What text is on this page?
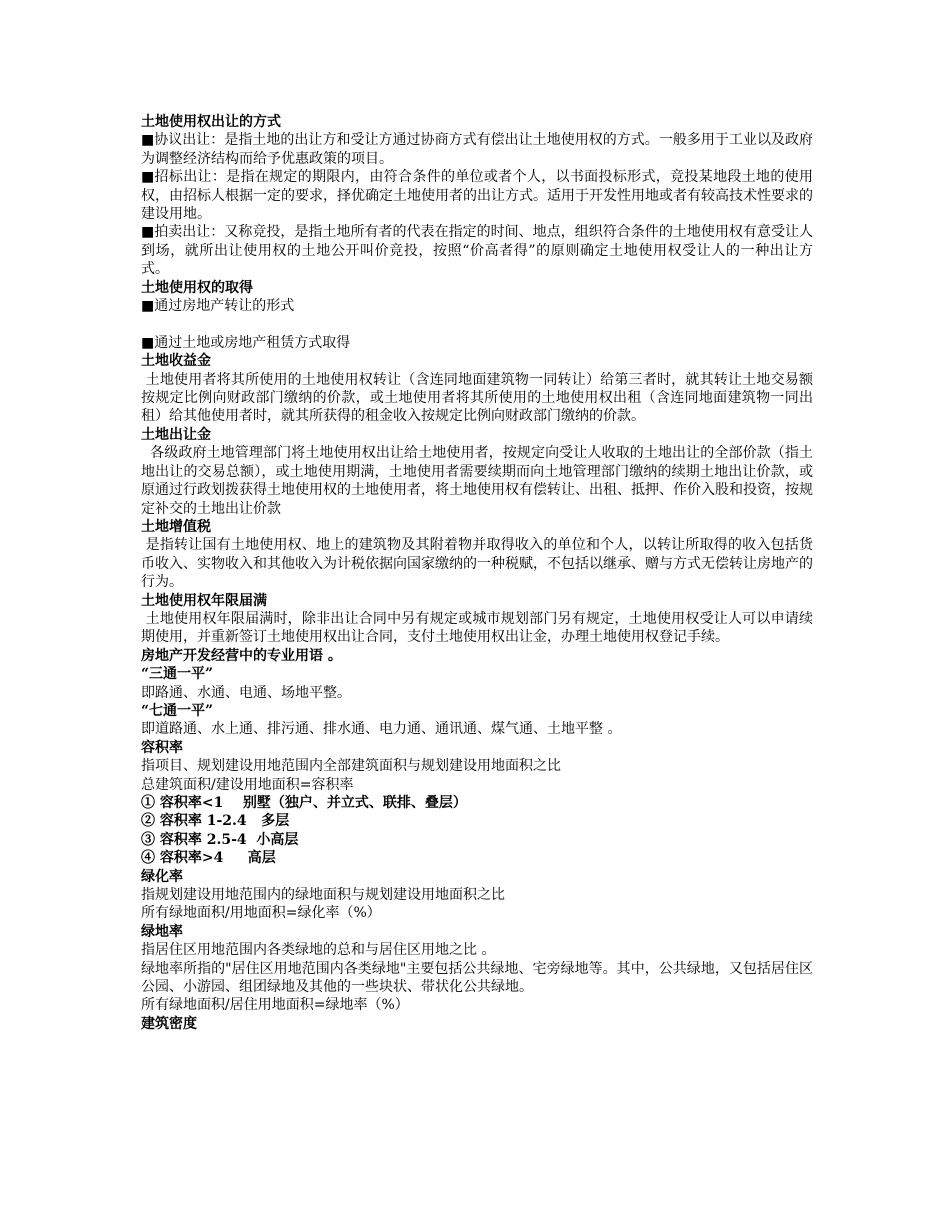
土地使用权出让的方式

■协议出让：是指土地的出让方和受让方通过协商方式有偿出让土地使用权的方式。一般多用于工业以及政府为调整经济结构而给予优惠政策的项目。

■招标出让：是指在规定的期限内，由符合条件的单位或者个人，以书面投标形式，竞投某地段土地的使用权，由招标人根据一定的要求，择优确定土地使用者的出让方式。适用于开发性用地或者有较高技术性要求的建设用地。

■拍卖出让：又称竞投，是指土地所有者的代表在指定的时间、地点，组织符合条件的土地使用权有意受让人到场，就所出让使用权的土地公开叫价竞投，按照“价高者得”的原则确定土地使用权受让人的一种出让方式。

土地使用权的取得

■通过房地产转让的形式

■通过土地或房地产租赁方式取得

土地收益金

土地使用者将其所使用的土地使用权转让（含连同地面建筑物一同转让）给第三者时，就其转让土地交易额按规定比例向财政部门缴纳的价款，或土地使用者将其所使用的土地使用权出租（含连同地面建筑物一同出租）给其他使用者时，就其所获得的租金收入按规定比例向财政部门缴纳的价款。

土地出让金

各级政府土地管理部门将土地使用权出让给土地使用者，按规定向受让人收取的土地出让的全部价款（指土地出让的交易总额），或土地使用期满，土地使用者需要续期而向土地管理部门缴纳的续期土地出让价款，或原通过行政划拨获得土地使用权的土地使用者，将土地使用权有偿转让、出租、抵押、作价入股和投资，按规定补交的土地出让价款

土地增值税

是指转让国有土地使用权、地上的建筑物及其附着物并取得收入的单位和个人，以转让所取得的收入包括货币收入、实物收入和其他收入为计税依据向国家缴纳的一种税赋，不包括以继承、赠与方式无偿转让房地产的行为。

土地使用权年限届满

土地使用权年限届满时，除非出让合同中另有规定或城市规划部门另有规定，土地使用权受让人可以申请续期使用，并重新签订土地使用权出让合同，支付土地使用权出让金，办理土地使用权登记手续。

房地产开发经营中的专业用语 。

“三通一平”

即路通、水通、电通、场地平整。

“七通一平”

即道路通、水上通、排污通、排水通、电力通、通讯通、煤气通、土地平整 。

容积率

指项目、规划建设用地范围内全部建筑面积与规划建设用地面积之比

总建筑面积/建设用地面积=容积率

① 容积率<1    别墅（独户、并立式、联排、叠层）

② 容积率 1-2.4   多层

③ 容积率 2.5-4  小高层

④ 容积率>4     高层

绿化率

指规划建设用地范围内的绿地面积与规划建设用地面积之比

所有绿地面积/用地面积=绿化率（%）

绿地率

指居住区用地范围内各类绿地的总和与居住区用地之比 。

绿地率所指的"居住区用地范围内各类绿地"主要包括公共绿地、宅旁绿地等。其中，公共绿地，又包括居住区公园、小游园、组团绿地及其他的一些块状、带状化公共绿地。

所有绿地面积/居住用地面积=绿地率（%）

建筑密度
